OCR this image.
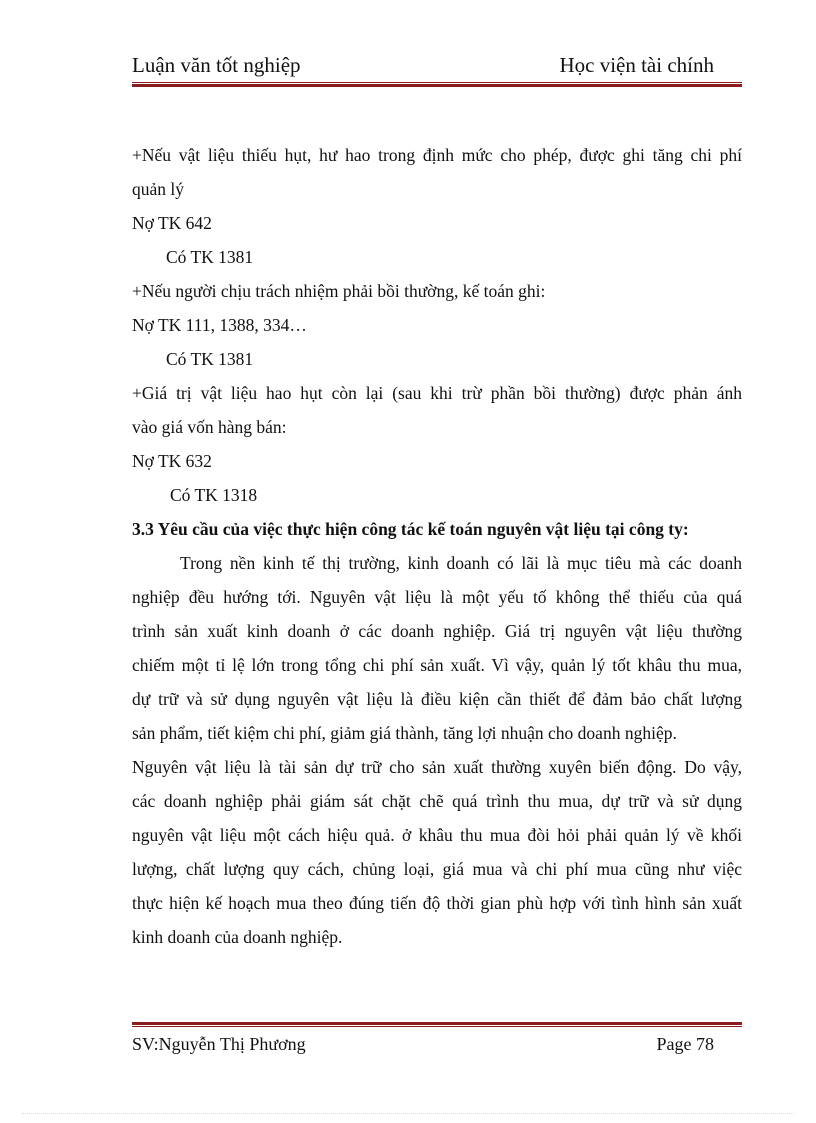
Luận văn tốt nghiệp	Học viện tài chính
+Nếu vật liệu thiếu hụt, hư hao trong định mức cho phép, được ghi tăng chi phí
quản lý
Nợ TK 642
Có TK 1381
+Nếu người chịu trách nhiệm phải bồi thường, kế toán ghi:
Nợ TK 111, 1388, 334…
Có TK 1381
+Giá trị vật liệu hao hụt còn lại (sau khi trừ phần bồi thường) được phản ánh
vào giá vốn hàng bán:
Nợ TK 632
Có TK 1318
3.3 Yêu cầu của việc thực hiện công tác kế toán nguyên vật liệu tại công ty:
Trong nền kinh tế thị trường, kinh doanh có lãi là mục tiêu mà các doanh
nghiệp đều hướng tới. Nguyên vật liệu là một yếu tố không thể thiếu của quá
trình sản xuất kinh doanh ở các doanh nghiệp. Giá trị nguyên vật liệu thường
chiếm một tỉ lệ lớn trong tổng chi phí sản xuất. Vì vậy, quản lý tốt khâu thu mua,
dự trữ và sử dụng nguyên vật liệu là điều kiện cần thiết để đảm bảo chất lượng
sản phẩm, tiết kiệm chi phí, giảm giá thành, tăng lợi nhuận cho doanh nghiệp.
Nguyên vật liệu là tài sản dự trữ cho sản xuất thường xuyên biến động. Do vậy,
các doanh nghiệp phải giám sát chặt chẽ quá trình thu mua, dự trữ và sử dụng
nguyên vật liệu một cách hiệu quả. ở khâu thu mua đòi hỏi phải quản lý về khối
lượng, chất lượng quy cách, chủng loại, giá mua và chi phí mua cũng như việc
thực hiện kế hoạch mua theo đúng tiến độ thời gian phù hợp với tình hình sản xuất
kinh doanh của doanh nghiệp.
SV:Nguyễn Thị Phương	Page 78
